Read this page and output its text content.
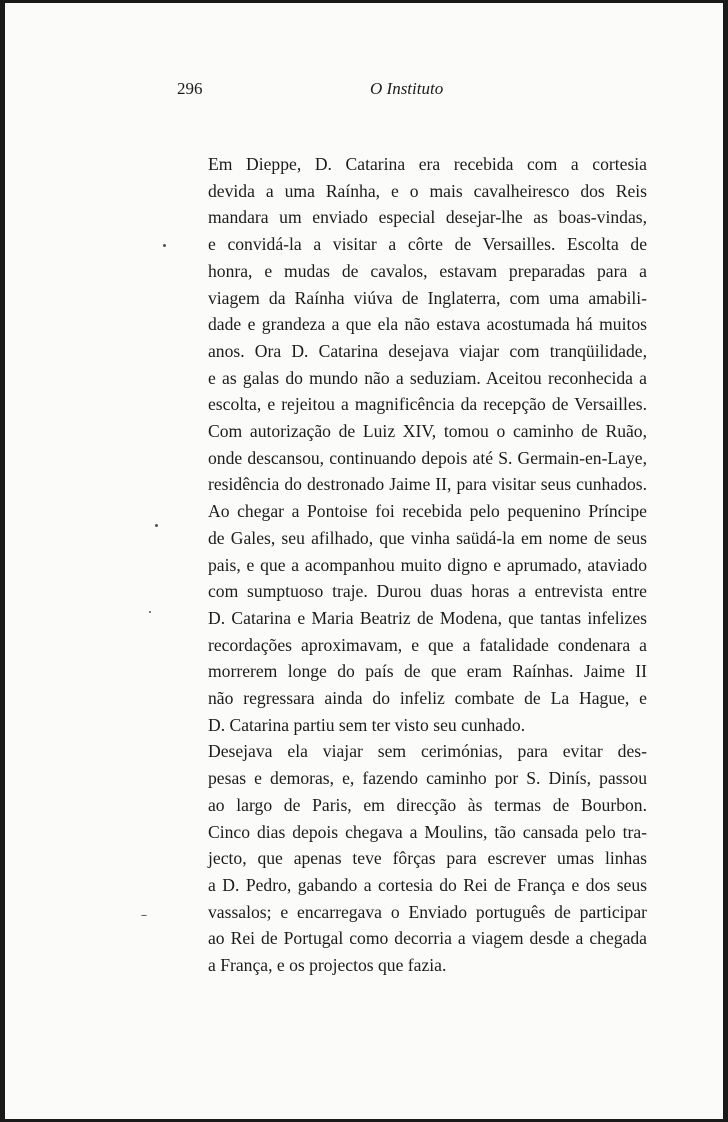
296	O Instituto

Em Dieppe, D. Catarina era recebida com a cortesia
devida a uma Raínha, e o mais cavalheiresco dos Reis
mandara um enviado especial desejar-lhe as boas-vindas,
e convidá-la a visitar a côrte de Versailles. Escolta de
honra, e mudas de cavalos, estavam preparadas para a
viagem da Raínha viúva de Inglaterra, com uma amabili-
dade e grandeza a que ela não estava acostumada há muitos
anos. Ora D. Catarina desejava viajar com tranqüilidade,
e as galas do mundo não a seduziam. Aceitou reconhecida a
escolta, e rejeitou a magnificência da recepção de Versailles.
Com autorização de Luiz XIV, tomou o caminho de Ruão,
onde descansou, continuando depois até S. Germain-en-Laye,
residência do destronado Jaime II, para visitar seus cunhados.
Ao chegar a Pontoise foi recebida pelo pequenino Príncipe
de Gales, seu afilhado, que vinha saüdá-la em nome de seus
pais, e que a acompanhou muito digno e aprumado, ataviado
com sumptuoso traje. Durou duas horas a entrevista entre
D. Catarina e Maria Beatriz de Modena, que tantas infelizes
recordações aproximavam, e que a fatalidade condenara a
morrerem longe do país de que eram Raínhas. Jaime II
não regressara ainda do infeliz combate de La Hague, e
D. Catarina partiu sem ter visto seu cunhado.

Desejava ela viajar sem cerimónias, para evitar des-
pesas e demoras, e, fazendo caminho por S. Dinís, passou
ao largo de Paris, em direcção às termas de Bourbon.
Cinco dias depois chegava a Moulins, tão cansada pelo tra-
jecto, que apenas teve fôrças para escrever umas linhas
a D. Pedro, gabando a cortesia do Rei de França e dos seus
vassalos; e encarregava o Enviado português de participar
ao Rei de Portugal como decorria a viagem desde a chegada
a França, e os projectos que fazia.
